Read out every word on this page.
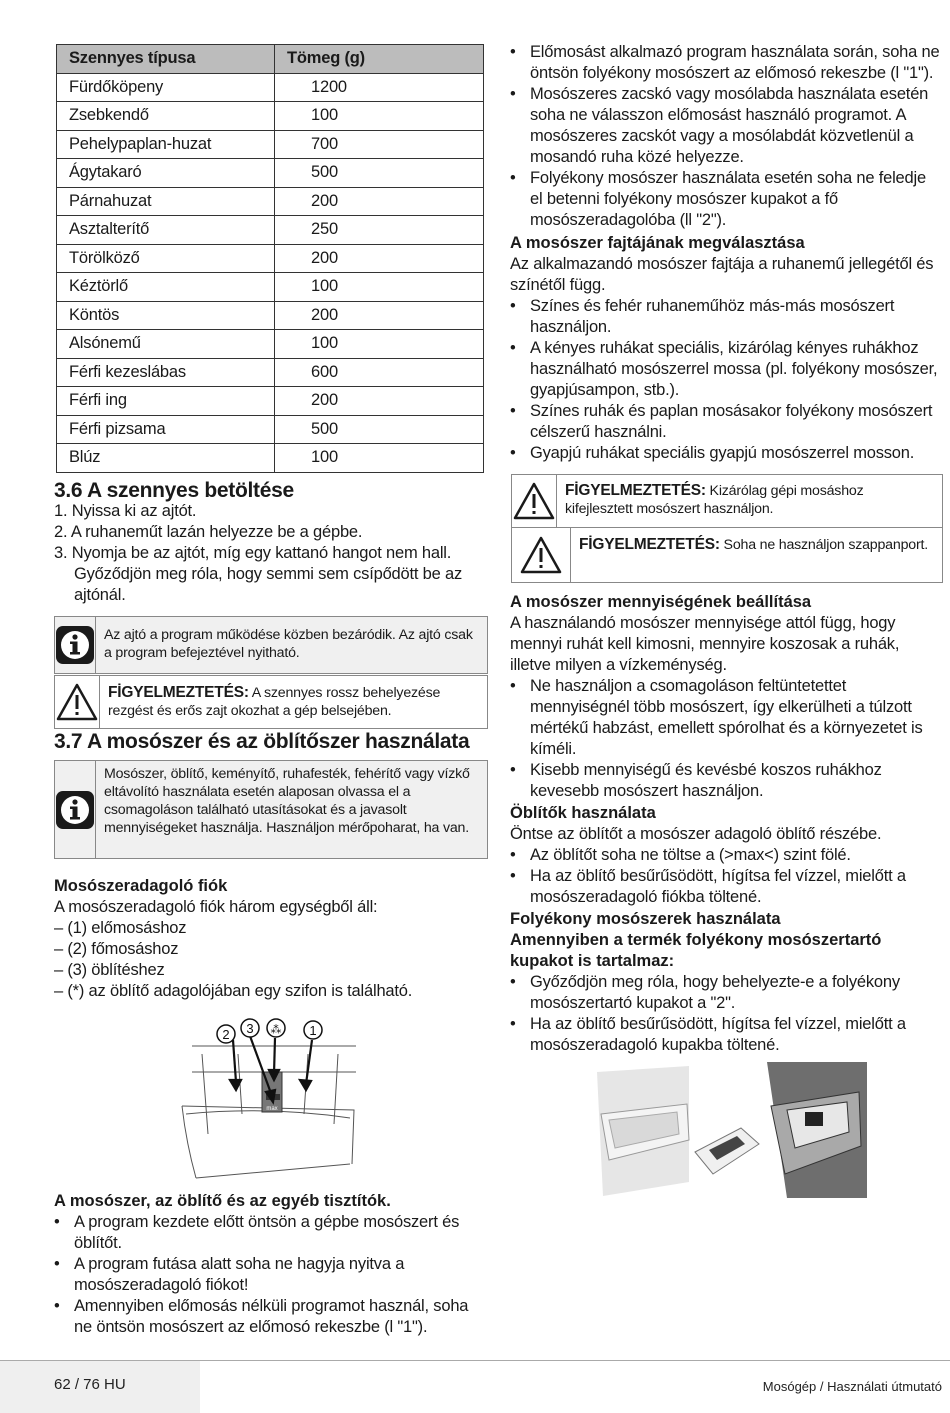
Szennyes típusa	Tömeg (g)
Fürdőköpeny	1200
Zsebkendő	100
Pehelypaplan-huzat	700
Ágytakaró	500
Párnahuzat	200
Asztalterítő	250
Törölköző	200
Kéztörlő	100
Köntös	200
Alsónemű	100
Férfi kezeslábas	600
Férfi ing	200
Férfi pizsama	500
Blúz	100
3.6 A szennyes betöltése
1. Nyissa ki az ajtót.
2. A ruhaneműt lazán helyezze be a gépbe.
3. Nyomja be az ajtót, míg egy kattanó hangot nem hall.
Győződjön meg róla, hogy semmi sem csípődött be az
ajtónál.
Az ajtó a program működése közben bezáródik. Az ajtó csak a program befejeztével nyitható.
FİGYELMEZTETÉS: A szennyes rossz behelyezése rezgést és erős zajt okozhat a gép belsejében.
3.7 A mosószer és az öblítőszer használata
Mosószer, öblítő, keményítő, ruhafesték, fehérítő vagy vízkő eltávolító használata esetén alaposan olvassa el a csomagoláson található utasításokat és a javasolt mennyiségeket használja. Használjon mérőpoharat, ha van.
Mosószeradagoló fiók
A mosószeradagoló fiók három egységből áll:
– (1) előmosáshoz
– (2) főmosáshoz
– (3) öblítéshez
– (*) az öblítő adagolójában egy szifon is található.
2 3 ⁂ 1
max
A mosószer, az öblítő és az egyéb tisztítók.
• A program kezdete előtt öntsön a gépbe mosószert és öblítőt.
• A program futása alatt soha ne hagyja nyitva a mosószeradagoló fiókot!
• Amennyiben előmosás nélküli programot használ, soha ne öntsön mosószert az előmosó rekeszbe (l "1").
• Előmosást alkalmazó program használata során, soha ne öntsön folyékony mosószert az előmosó rekeszbe (l "1").
• Mosószeres zacskó vagy mosólabda használata esetén soha ne válasszon előmosást használó programot. A mosószeres zacskót vagy a mosólabdát közvetlenül a mosandó ruha közé helyezze.
• Folyékony mosószer használata esetén soha ne feledje el betenni folyékony mosószer kupakot a fő mosószeradagolóba (ll "2").
A mosószer fajtájának megválasztása
Az alkalmazandó mosószer fajtája a ruhanemű jellegétől és színétől függ.
• Színes és fehér ruhaneműhöz más-más mosószert használjon.
• A kényes ruhákat speciális, kizárólag kényes ruhákhoz használható mosószerrel mossa (pl. folyékony mosószer, gyapjúsampon, stb.).
• Színes ruhák és paplan mosásakor folyékony mosószert célszerű használni.
• Gyapjú ruhákat speciális gyapjú mosószerrel mosson.
FİGYELMEZTETÉS: Kizárólag gépi mosáshoz kifejlesztett mosószert használjon.
FİGYELMEZTETÉS: Soha ne használjon szappanport.
A mosószer mennyiségének beállítása
A használandó mosószer mennyisége attól függ, hogy mennyi ruhát kell kimosni, mennyire koszosak a ruhák, illetve milyen a vízkeménység.
• Ne használjon a csomagoláson feltüntetettet mennyiségnél több mosószert, így elkerülheti a túlzott mértékű habzást, emellett spórolhat és a környezetet is kíméli.
• Kisebb mennyiségű és kevésbé koszos ruhákhoz kevesebb mosószert használjon.
Öblítők használata
Öntse az öblítőt a mosószer adagoló öblítő részébe.
• Az öblítőt soha ne töltse a (>max<) szint fölé.
• Ha az öblítő besűrűsödött, hígítsa fel vízzel, mielőtt a mosószeradagoló fiókba töltené.
Folyékony mosószerek használata
Amennyiben a termék folyékony mosószertartó kupakot is tartalmaz:
• Győződjön meg róla, hogy behelyezte-e a folyékony mosószertartó kupakot a "2".
• Ha az öblítő besűrűsödött, hígítsa fel vízzel, mielőtt a mosószeradagoló kupakba töltené.
62 / 76 HU	Mosógép / Használati útmutató
